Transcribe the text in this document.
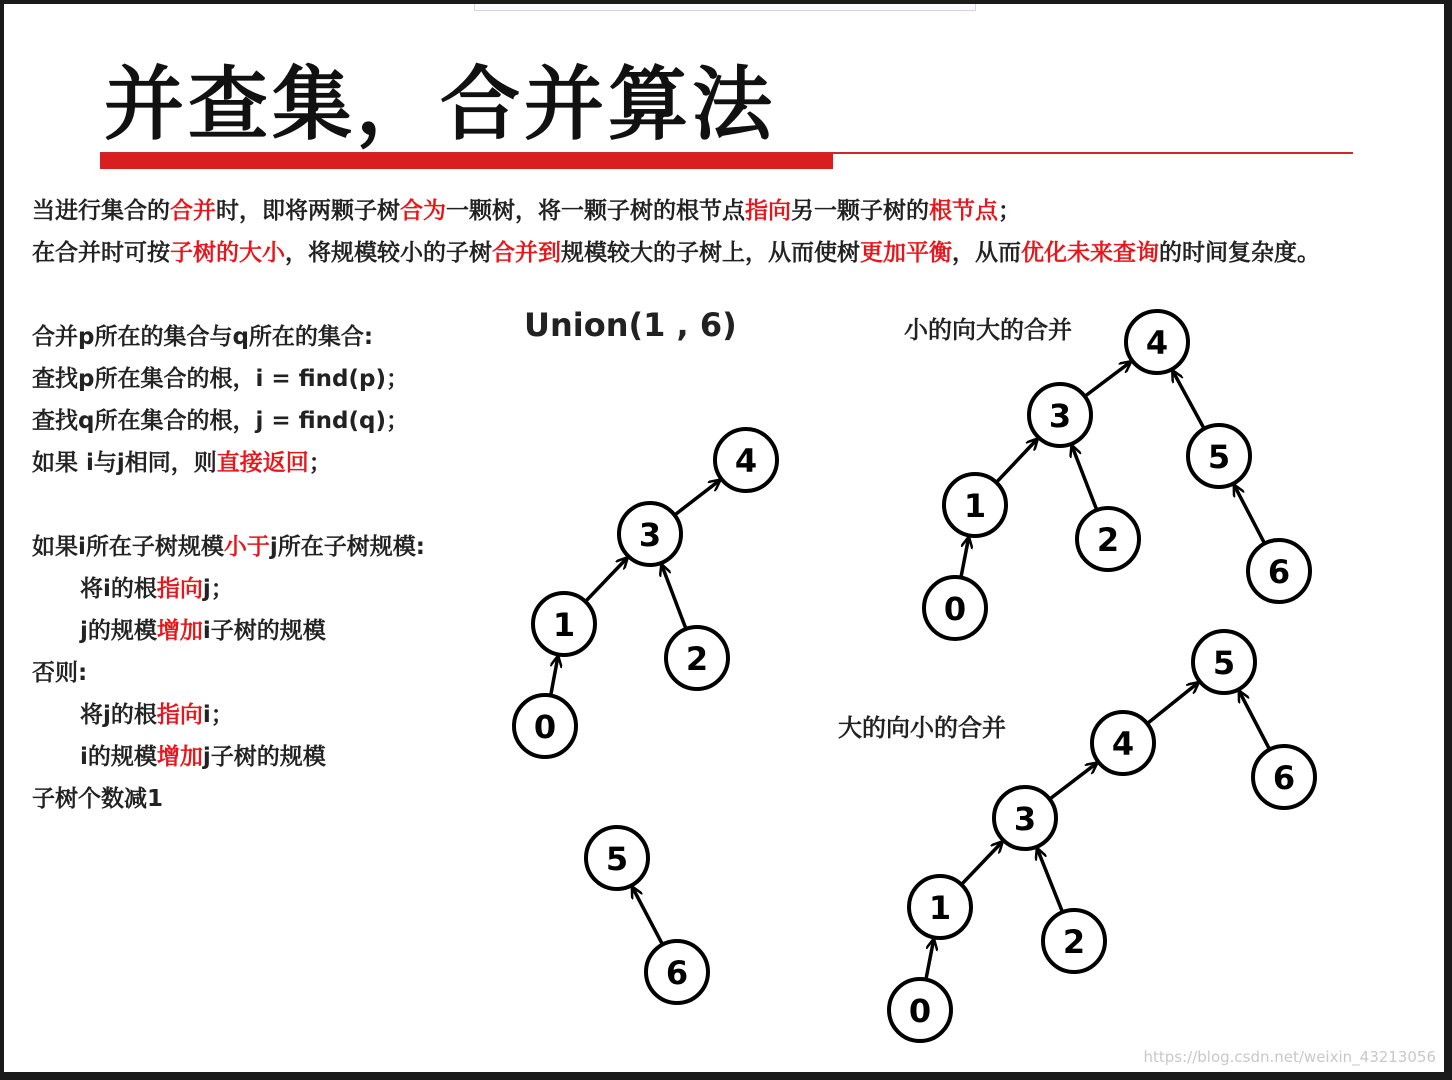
并查集，合并算法
当进行集合的合并时，即将两颗子树合为一颗树，将一颗子树的根节点指向另一颗子树的根节点；
在合并时可按子树的大小，将规模较小的子树合并到规模较大的子树上，从而使树更加平衡，从而优化未来查询的时间复杂度。
合并p所在的集合与q所在的集合:
查找p所在集合的根，i = find(p)；
查找q所在集合的根，j = find(q)；
如果 i与j相同，则直接返回；
如果i所在子树规模小于j所在子树规模:
将i的根指向j；
j的规模增加i子树的规模
否则:
将j的根指向i；
i的规模增加j子树的规模
子树个数减1
Union(1 , 6)	小的向大的合并
大的向小的合并
0
1
2
3
4
5
6
0
1
2
3
4
5
6
0
1
2
3
4
5
6
https://blog.csdn.net/weixin_43213056
